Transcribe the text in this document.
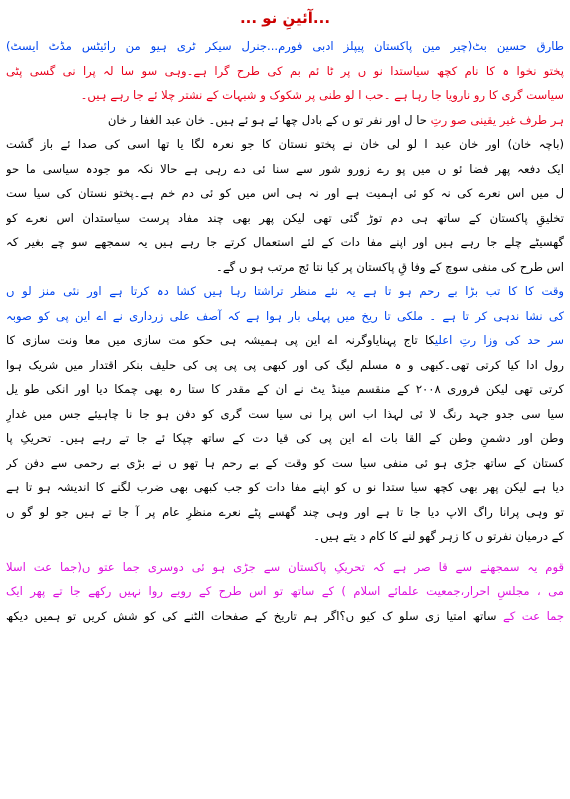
...آئینِ نو ...

طارق حسین بٹ(چیر مین پاکستان پیپلز ادبی فورم...جنرل سیکر ٹری ہیو من رائیٹس مڈٹ ایسٹ)

پختو نخوا ہ کا نام کچھ سیاستدا نو ں پر ٹا ئم بم کی طرح گرا ہے۔وہی سو سا لہ پرا نی گسی پٹی

سیاست گری کا رو نارویا جا رہا ہے ۔حب ا لو طنی پر شکوک و شبہات کے نشتر چلا ئے جا رہے ہیں۔

ہر طرف غیر یقینی صو رتِ حا ل اور نفر تو ں کے بادل چھا ئے ہو ئے ہیں۔ خان عبد الغفا ر خان

(باچہ خان) اور خان عبد ا لو لی خان نے پختو نستان کا جو نعرہ لگا یا تھا اسی کی صدا ئے باز گشت

ایک دفعہ پھر فضا ئو ں میں پو رے زورو شور سے سنا ئی دے رہی ہے حالا نکہ مو جودہ سیاسی ما حو

ل میں اس نعرے کی نہ کو ئی اہمیت ہے اور نہ ہی اس میں کو ئی دم خم ہے۔پختو نستان کی سیا ست

تخلیقِ پاکستان کے ساتھ ہی دم توڑ گئی تھی لیکن پھر بھی چند مفاد پرست سیاستدان اس نعرے کو

گھسیٹے چلے جا رہے ہیں اور اپنے مفا دات کے لئے استعمال کرتے جا رہے ہیں یہ سمجھے سو چے بغیر کہ

اس طرح کی منفی سوچ کے وفا قِ پاکستان پر کیا نتا ئج مرتب ہو ں گے۔

وقت کا کا تب بڑا بے رحم ہو تا ہے یہ نئے منظر تراشتا رہا ہیں کشا دہ کرتا ہے اور نئی منز لو ں

کی نشا ندہی کر تا ہے ۔ ملکی تا ریخ میں پہلی بار ہوا ہے کہ آصف علی زرداری نے اے این پی کو صوبہ

سر حد کی وزا رتِ اعلیکا تاج پہنایاوگرنہ اے این پی ہمیشہ ہی حکو مت سازی میں معا ونت سازی کا

رول ادا کیا کرتی تھی۔کبھی و ہ مسلم لیگ کی اور کبھی پی پی پی کی حلیف بنکر اقتدار میں شریک ہوا

کرتی تھی لیکن فروری ۲۰۰۸ کے منقسم مینڈ یٹ نے ان کے مقدر کا ستا رہ بھی چمکا دیا اور انکی طو یل

سیا سی جدو جہد رنگ لا ئی لہذا اب اس پرا نی سیا ست گری کو دفن ہو جا نا چاہیئے جس میں غدارِ

وطن اور دشمنِ وطن کے القا بات اے این پی کی قیا دت کے ساتھ چپکا ئے جا تے رہے ہیں۔ تحریکِ پا

کستان کے ساتھ جڑی ہو ئی منفی سیا ست کو وقت کے بے رحم ہا تھو ں نے بڑی بے رحمی سے دفن کر

دیا ہے لیکن پھر بھی کچھ سیا ستدا نو ں کو اپنے مفا دات کو جب کبھی بھی ضرب لگنے کا اندیشہ ہو تا ہے

تو وہی پرانا راگ الاپ دیا جا تا ہے اور وہی چند گھسے پٹے نعرے منظرِ عام پر آ جا تے ہیں جو لو گو ں

کے درمیان نفرتو ں کا زہر گھو لنے کا کام د یتے ہیں۔

قوم یہ سمجھنے سے قا صر ہے کہ تحریکِ پاکستان سے جڑی ہو ئی دوسری جما عتو ں(جما عت اسلا

می ، مجلسِ احرار،جمعیت علمائے اسلام ) کے ساتھ تو اس طرح کے رویے روا نہیں رکھے جا تے پھر ایک

جما عت کے ساتھ امتیا زی سلو ک کیو ں؟اگر ہم تاریخ کے صفحات الٹنے کی کو شش کریں تو ہمیں دیکھ
